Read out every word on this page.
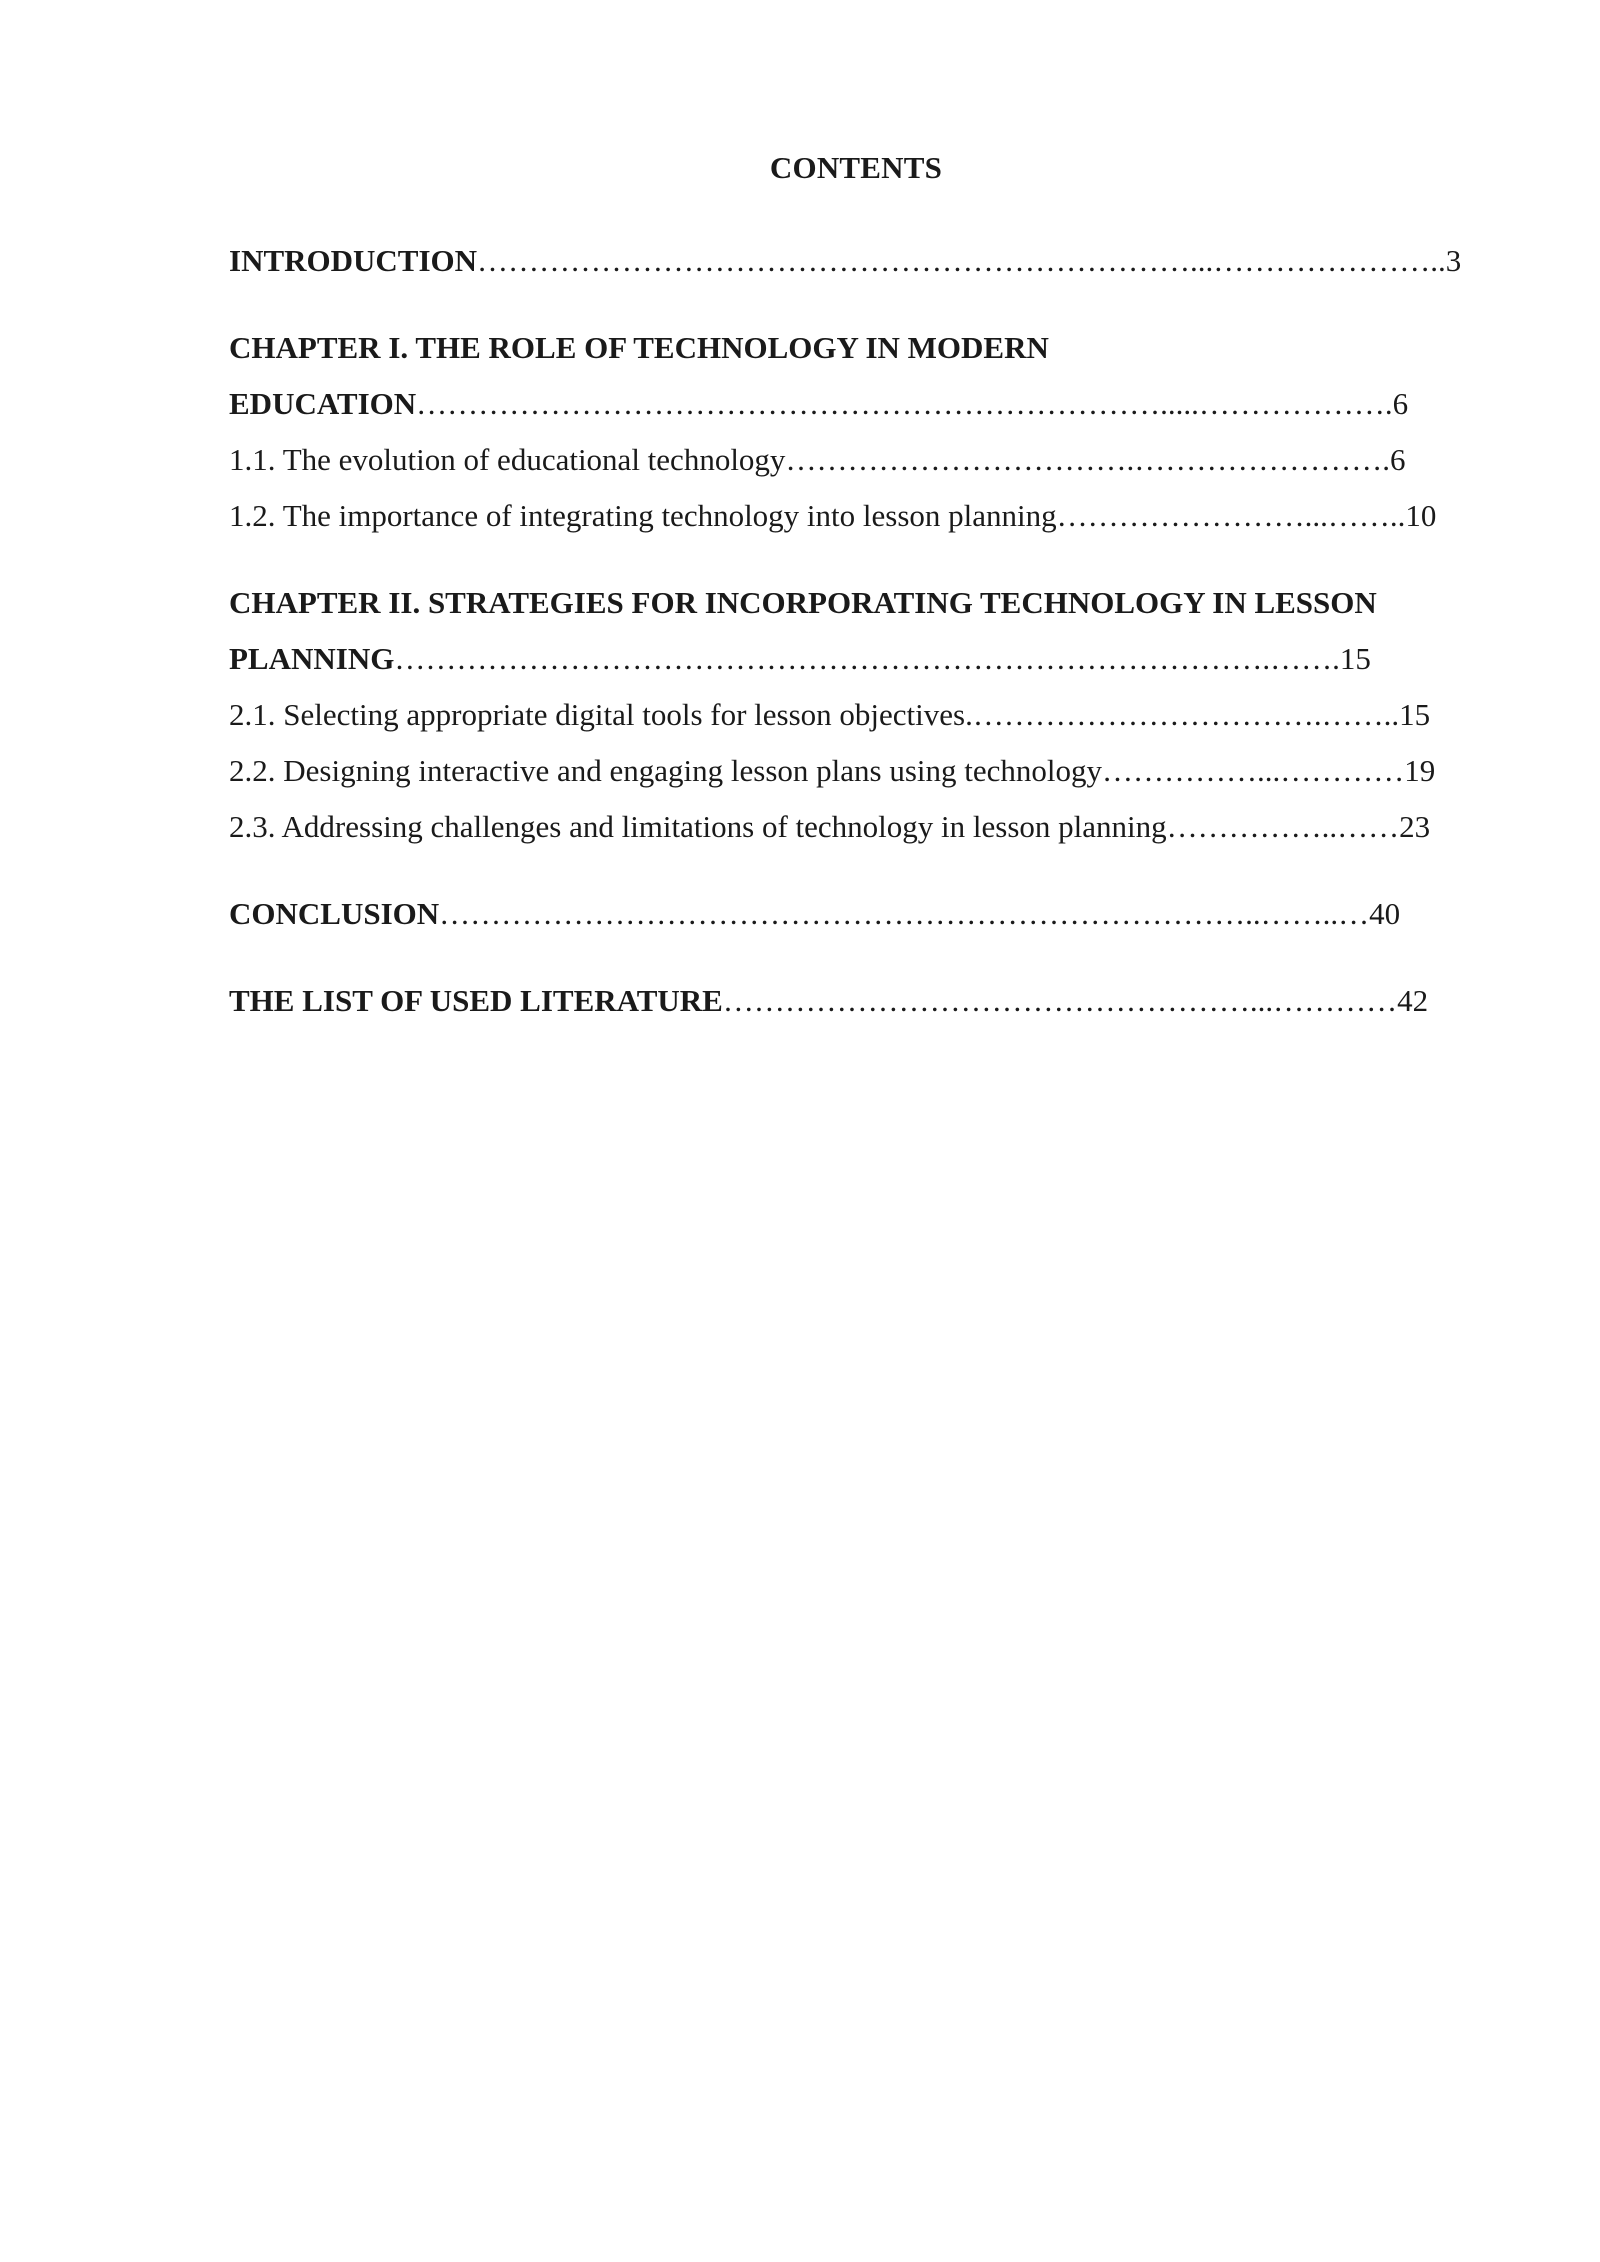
CONTENTS
INTRODUCTION……………………………………………………………...…………………..3
CHAPTER I. THE ROLE OF TECHNOLOGY IN MODERN
EDUCATION……………………………………………………………….....……………….6
1.1. The evolution of educational technology…………………………….…………………….6
1.2. The importance of integrating technology into lesson planning……………………...……..10
CHAPTER II. STRATEGIES FOR INCORPORATING TECHNOLOGY IN LESSON
PLANNING………………………………………………………………………….…….15
2.1. Selecting appropriate digital tools for lesson objectives.…………………………….……..15
2.2. Designing interactive and engaging lesson plans using technology……………...…………19
2.3. Addressing challenges and limitations of technology in lesson planning……………..……23
CONCLUSION……………………………………………………………………..……..…40
THE LIST OF USED LITERATURE……………………………………………...…………42
